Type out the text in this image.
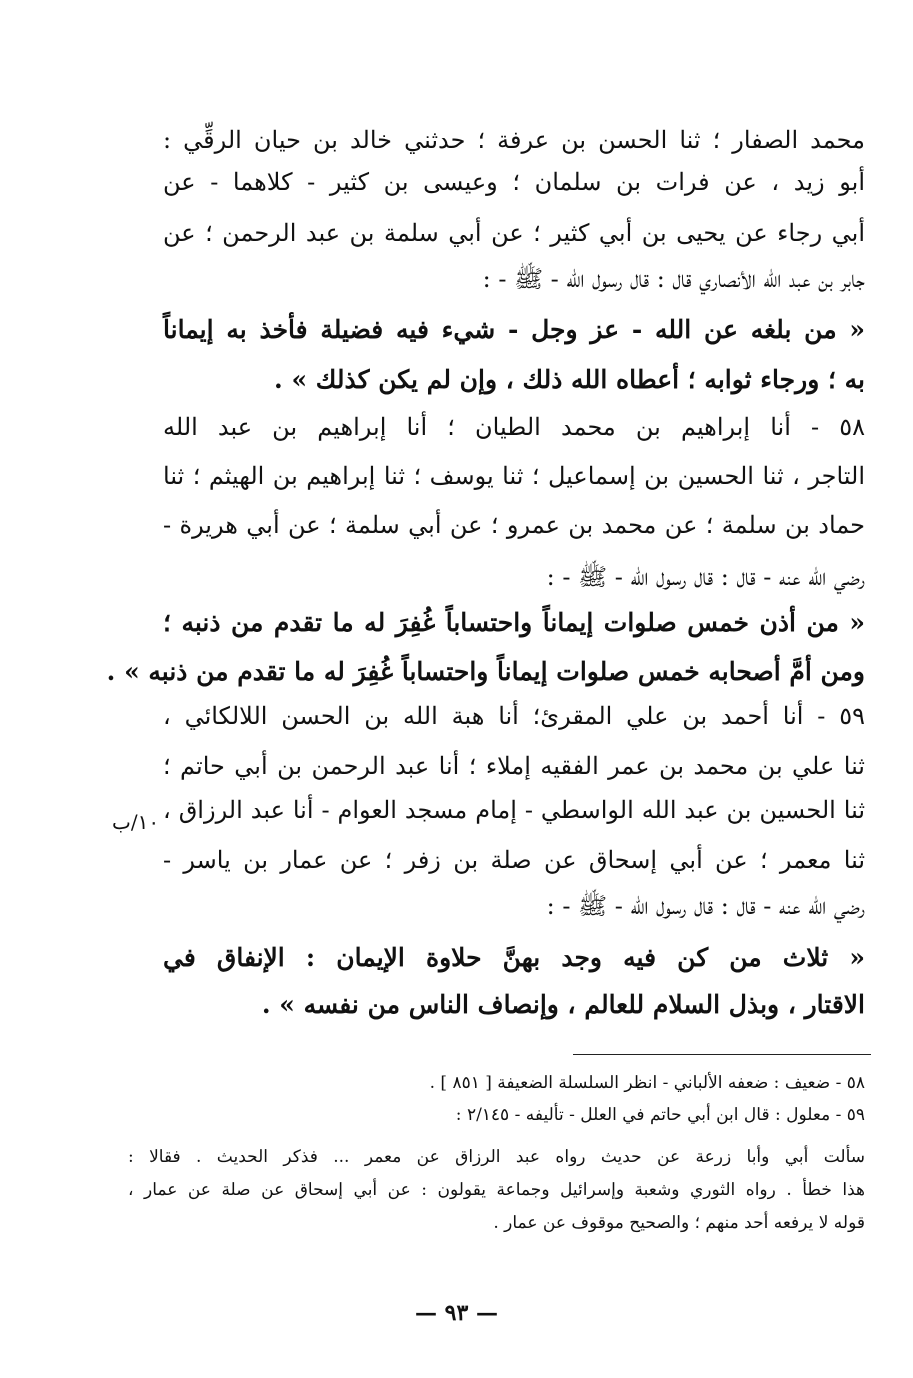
محمد الصفار ؛ ثنا الحسن بن عرفة ؛ حدثني خالد بن حيان الرقِّي :
أبو زيد ، عن فرات بن سلمان ؛ وعيسى بن كثير - كلاهما - عن
أبي رجاء عن يحيى بن أبي كثير ؛ عن أبي سلمة بن عبد الرحمن ؛ عن
جابر بن عبد الله الأنصاري قال : قال رسول الله - ﷺ - :
« من بلغه عن الله - عز وجل - شيء فيه فضيلة فأخذ به إيماناً
به ؛ ورجاء ثوابه ؛ أعطاه الله ذلك ، وإن لم يكن كذلك » .
٥٨ - أنا إبراهيم بن محمد الطيان ؛ أنا إبراهيم بن عبد الله
التاجر ، ثنا الحسين بن إسماعيل ؛ ثنا يوسف ؛ ثنا إبراهيم بن الهيثم ؛ ثنا
حماد بن سلمة ؛ عن محمد بن عمرو ؛ عن أبي سلمة ؛ عن أبي هريرة -
رضي الله عنه - قال : قال رسول الله - ﷺ - :
« من أذن خمس صلوات إيماناً واحتساباً غُفِرَ له ما تقدم من ذنبه ؛
ومن أمَّ أصحابه خمس صلوات إيماناً واحتساباً غُفِرَ له ما تقدم من ذنبه » .
٥٩ - أنا أحمد بن علي المقرئ؛ أنا هبة الله بن الحسن اللالكائي ،
ثنا علي بن محمد بن عمر الفقيه إملاء ؛ أنا عبد الرحمن بن أبي حاتم ؛
ثنا الحسين بن عبد الله الواسطي - إمام مسجد العوام - أنا عبد الرزاق ،
ثنا معمر ؛ عن أبي إسحاق عن صلة بن زفر ؛ عن عمار بن ياسر -
رضي الله عنه - قال : قال رسول الله - ﷺ - :
« ثلاث من كن فيه وجد بهنَّ حلاوة الإيمان : الإنفاق في
الاقتار ، وبذل السلام للعالم ، وإنصاف الناس من نفسه » .
١٠/ب
٥٨ - ضعيف : ضعفه الألباني - انظر السلسلة الضعيفة [ ٨٥١ ] .
٥٩ - معلول : قال ابن أبي حاتم في العلل - تأليفه - ٢/١٤٥ :
سألت أبي وأبا زرعة عن حديث رواه عبد الرزاق عن معمر ... فذكر الحديث . فقالا :
هذا خطأ . رواه الثوري وشعبة وإسرائيل وجماعة يقولون : عن أبي إسحاق عن صلة عن عمار ،
قوله لا يرفعه أحد منهم ؛ والصحيح موقوف عن عمار .
— ٩٣ —
